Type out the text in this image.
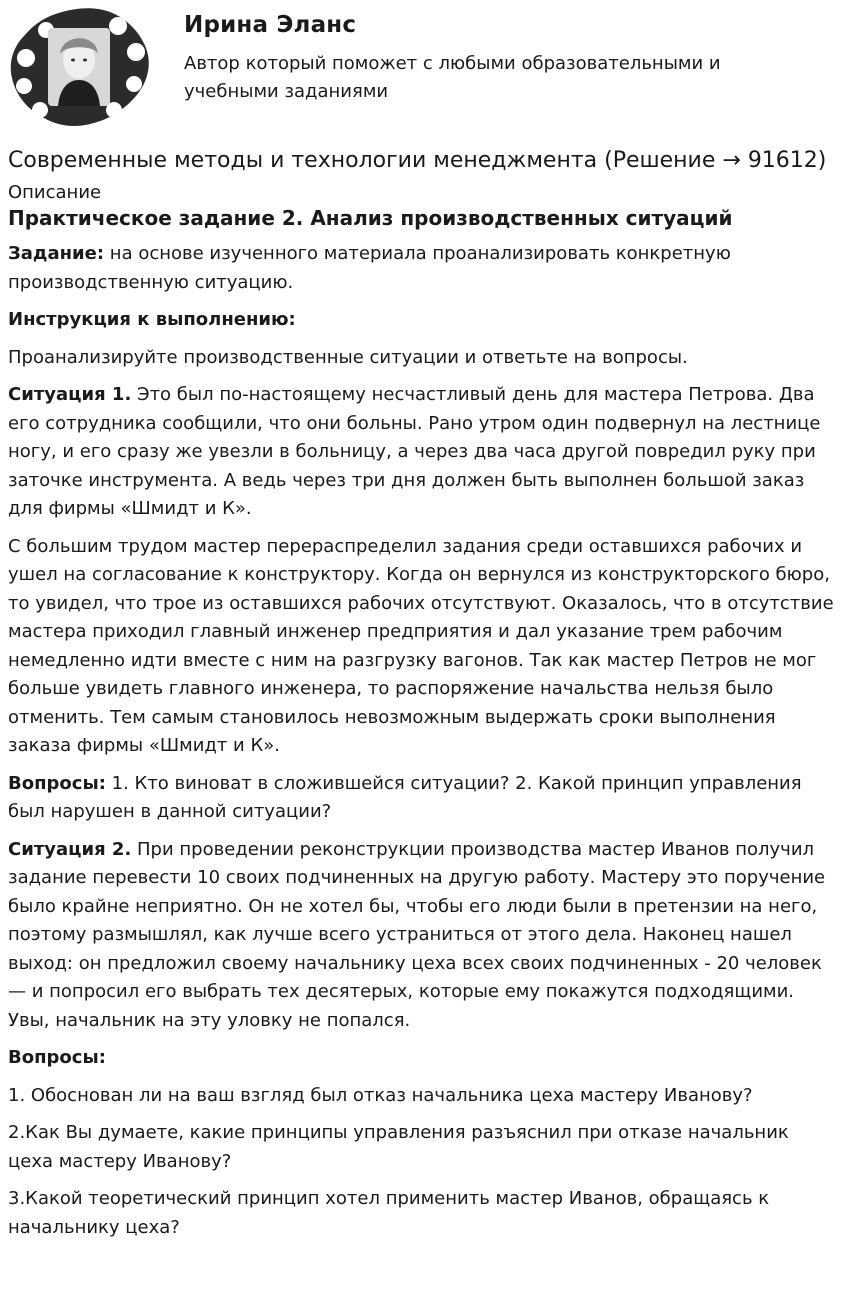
Ирина Эланс
Автор который поможет с любыми образовательными и учебными заданиями
Современные методы и технологии менеджмента (Решение → 91612)
Описание
Практическое задание 2. Анализ производственных ситуаций

Задание: на основе изученного материала проанализировать конкретную производственную ситуацию.

Инструкция к выполнению:

Проанализируйте производственные ситуации и ответьте на вопросы.

Ситуация 1. Это был по-настоящему несчастливый день для мастера Петрова. Два его сотрудника сообщили, что они больны. Рано утром один подвернул на лестнице ногу, и его сразу же увезли в больницу, а через два часа другой повредил руку при заточке инструмента. А ведь через три дня должен быть выполнен большой заказ для фирмы «Шмидт и К».

С большим трудом мастер перераспределил задания среди оставшихся рабочих и ушел на согласование к конструктору. Когда он вернулся из конструкторского бюро, то увидел, что трое из оставшихся рабочих отсутствуют. Оказалось, что в отсутствие мастера приходил главный инженер предприятия и дал указание трем рабочим немедленно идти вместе с ним на разгрузку вагонов. Так как мастер Петров не мог больше увидеть главного инженера, то распоряжение начальства нельзя было отменить. Тем самым становилось невозможным выдержать сроки выполнения заказа фирмы «Шмидт и К».

Вопросы: 1. Кто виноват в сложившейся ситуации? 2. Какой принцип управления был нарушен в данной ситуации?

Ситуация 2. При проведении реконструкции производства мастер Иванов получил задание перевести 10 своих подчиненных на другую работу. Мастеру это поручение было крайне неприятно. Он не хотел бы, чтобы его люди были в претензии на него, поэтому размышлял, как лучше всего устраниться от этого дела. Наконец нашел выход: он предложил своему начальнику цеха всех своих подчиненных - 20 человек — и попросил его выбрать тех десятерых, которые ему покажутся подходящими. Увы, начальник на эту уловку не попался.

Вопросы:

1. Обоснован ли на ваш взгляд был отказ начальника цеха мастеру Иванову?

2.Как Вы думаете, какие принципы управления разъяснил при отказе начальник цеха мастеру Иванову?

3.Какой теоретический принцип хотел применить мастер Иванов, обращаясь к начальнику цеха?
